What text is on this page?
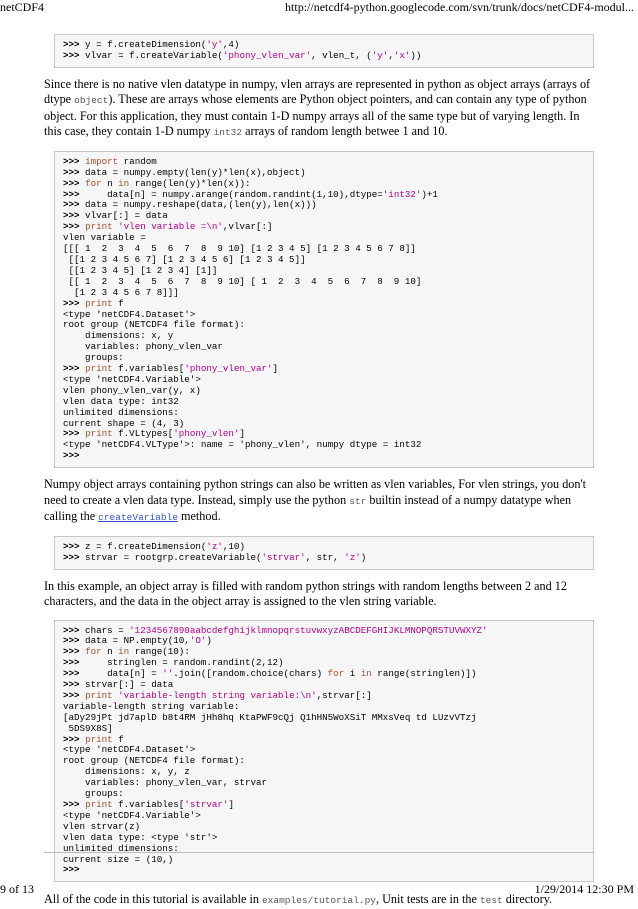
netCDF4	http://netcdf4-python.googlecode.com/svn/trunk/docs/netCDF4-modul...
>>> y = f.createDimension('y',4)
>>> vlvar = f.createVariable('phony_vlen_var', vlen_t, ('y','x'))

Since there is no native vlen datatype in numpy, vlen arrays are represented in python as object arrays (arrays of dtype object). These are arrays whose elements are Python object pointers, and can contain any type of python object. For this application, they must contain 1-D numpy arrays all of the same type but of varying length. In this case, they contain 1-D numpy int32 arrays of random length betwee 1 and 10.

>>> import random
>>> data = numpy.empty(len(y)*len(x),object)
>>> for n in range(len(y)*len(x)):
>>>     data[n] = numpy.arange(random.randint(1,10),dtype='int32')+1
>>> data = numpy.reshape(data,(len(y),len(x)))
>>> vlvar[:] = data
>>> print 'vlen variable =\n',vlvar[:]
vlen variable =
[[[ 1  2  3  4  5  6  7  8  9 10] [1 2 3 4 5] [1 2 3 4 5 6 7 8]]
[[1 2 3 4 5 6 7] [1 2 3 4 5 6] [1 2 3 4 5]]
[[1 2 3 4 5] [1 2 3 4] [1]]
[[ 1  2  3  4  5  6  7  8  9 10] [ 1  2  3  4  5  6  7  8  9 10]
[1 2 3 4 5 6 7 8]]]
>>> print f
<type 'netCDF4.Dataset'>
root group (NETCDF4 file format):
dimensions: x, y
variables: phony_vlen_var
groups:
>>> print f.variables['phony_vlen_var']
<type 'netCDF4.Variable'>
vlen phony_vlen_var(y, x)
vlen data type: int32
unlimited dimensions:
current shape = (4, 3)
>>> print f.VLtypes['phony_vlen']
<type 'netCDF4.VLType'>: name = 'phony_vlen', numpy dtype = int32
>>>

Numpy object arrays containing python strings can also be written as vlen variables, For vlen strings, you don't need to create a vlen data type. Instead, simply use the python str builtin instead of a numpy datatype when calling the createVariable method.

>>> z = f.createDimension('z',10)
>>> strvar = rootgrp.createVariable('strvar', str, 'z')

In this example, an object array is filled with random python strings with random lengths between 2 and 12 characters, and the data in the object array is assigned to the vlen string variable.

>>> chars = '1234567890aabcdefghijklmnopqrstuvwxyzABCDEFGHIJKLMNOPQRSTUVWXYZ'
>>> data = NP.empty(10,'O')
>>> for n in range(10):
>>>     stringlen = random.randint(2,12)
>>>     data[n] = ''.join([random.choice(chars) for i in range(stringlen)])
>>> strvar[:] = data
>>> print 'variable-length string variable:\n',strvar[:]
variable-length string variable:
[aDy29jPt jd7aplD b8t4RM jHh8hq KtaPWF9cQj Q1hHN5WoXSiT MMxsVeq td LUzvVTzj
5DS9X8S]
>>> print f
<type 'netCDF4.Dataset'>
root group (NETCDF4 file format):
dimensions: x, y, z
variables: phony_vlen_var, strvar
groups:
>>> print f.variables['strvar']
<type 'netCDF4.Variable'>
vlen strvar(z)
vlen data type: <type 'str'>
unlimited dimensions:
current size = (10,)
>>>

All of the code in this tutorial is available in examples/tutorial.py, Unit tests are in the test directory.

9 of 13	1/29/2014 12:30 PM
